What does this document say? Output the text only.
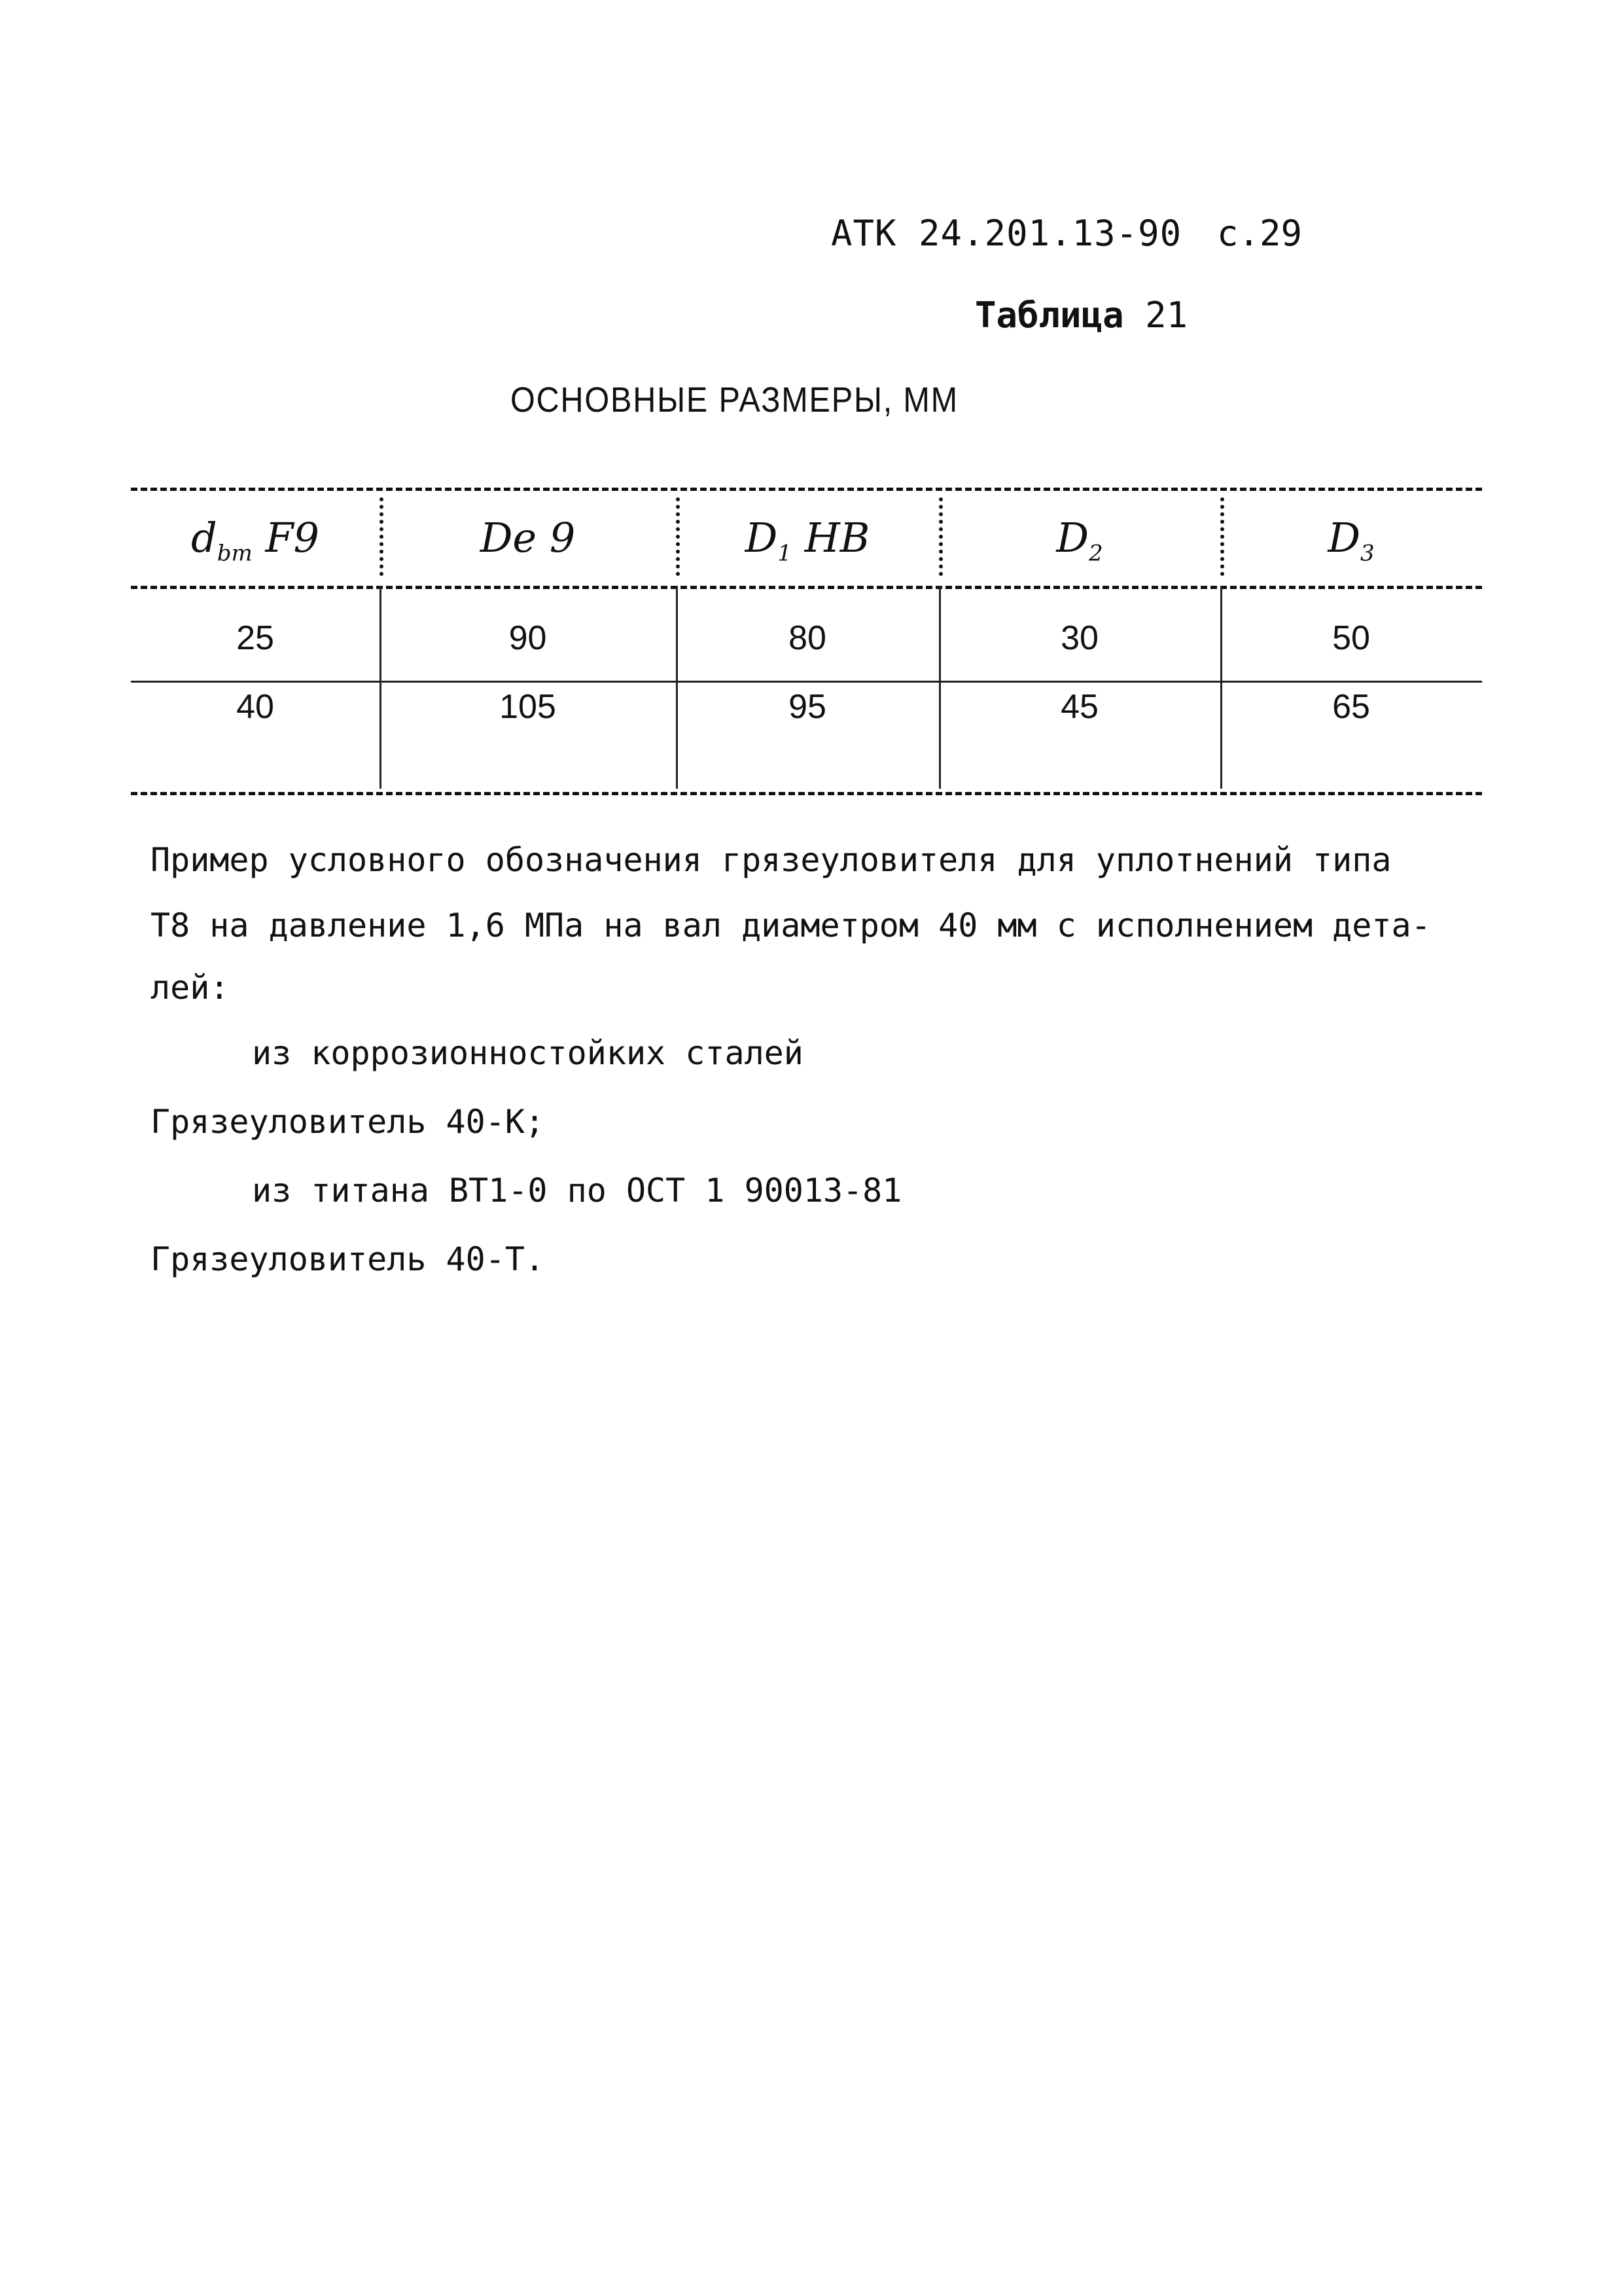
АТК 24.201.13-90 с.29
Таблица 21
ОСНОВНЫЕ РАЗМЕРЫ, ММ
$d_{bm}$ F9	De 9	$D_1$ HB	$D_2$	$D_3$
25	90	80	30	50
40	105	95	45	65
Пример условного обозначения грязеуловителя для уплотнений типа
Т8 на давление 1,6 МПа на вал диаметром 40 мм с исполнением дета-
лей:
из коррозионностойких сталей
Грязеуловитель 40-К;
из титана ВТ1-0 по ОСТ 1 90013-81
Грязеуловитель 40-Т.
